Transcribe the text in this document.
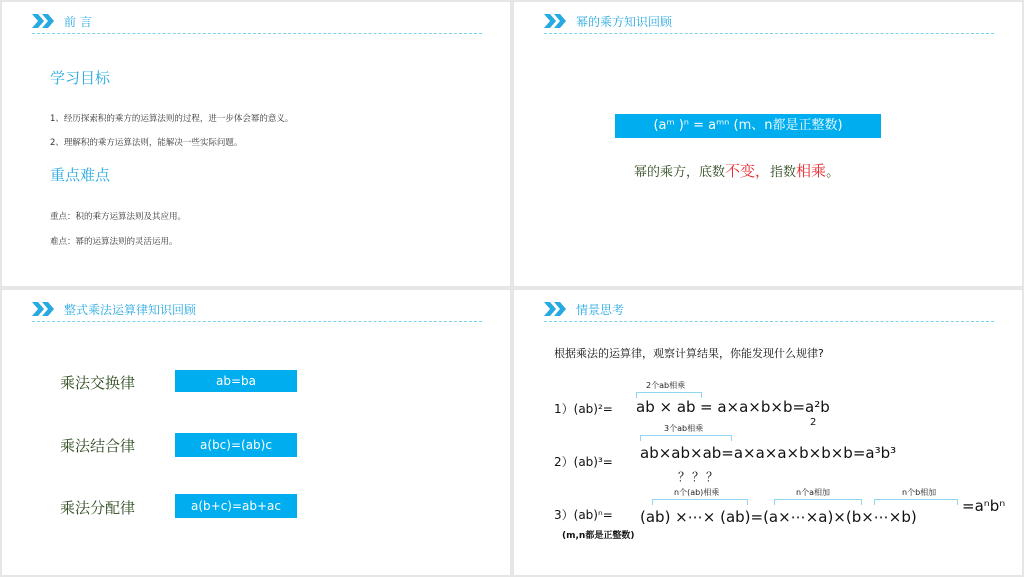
前 言
学习目标
1、经历探索积的乘方的运算法则的过程，进一步体会幂的意义。
2、理解积的乘方运算法则，能解决一些实际问题。
重点难点
重点：积的乘方运算法则及其应用。
难点：幂的运算法则的灵活运用。
幂的乘方知识回顾
(aᵐ )ⁿ = aᵐⁿ (m、n都是正整数)
幂的乘方，底数不变，指数相乘。
整式乘法运算律知识回顾
乘法交换律	ab=ba
乘法结合律	a(bc)=(ab)c
乘法分配律	a(b+c)=ab+ac
情景思考
根据乘法的运算律，观察计算结果，你能发现什么规律?
2个ab相乘
1）(ab)²= ab × ab = a×a×b×b=a²b
2
3个ab相乘
2）(ab)³= ab×ab×ab=a×a×a×b×b×b=a³b³
？？？
n个(ab)相乘	n个a相加	n个b相加
3）(ab)ⁿ= (ab) ×⋯× (ab)=(a×⋯×a)×(b×⋯×b)
=aⁿbⁿ
(m,n都是正整数)
